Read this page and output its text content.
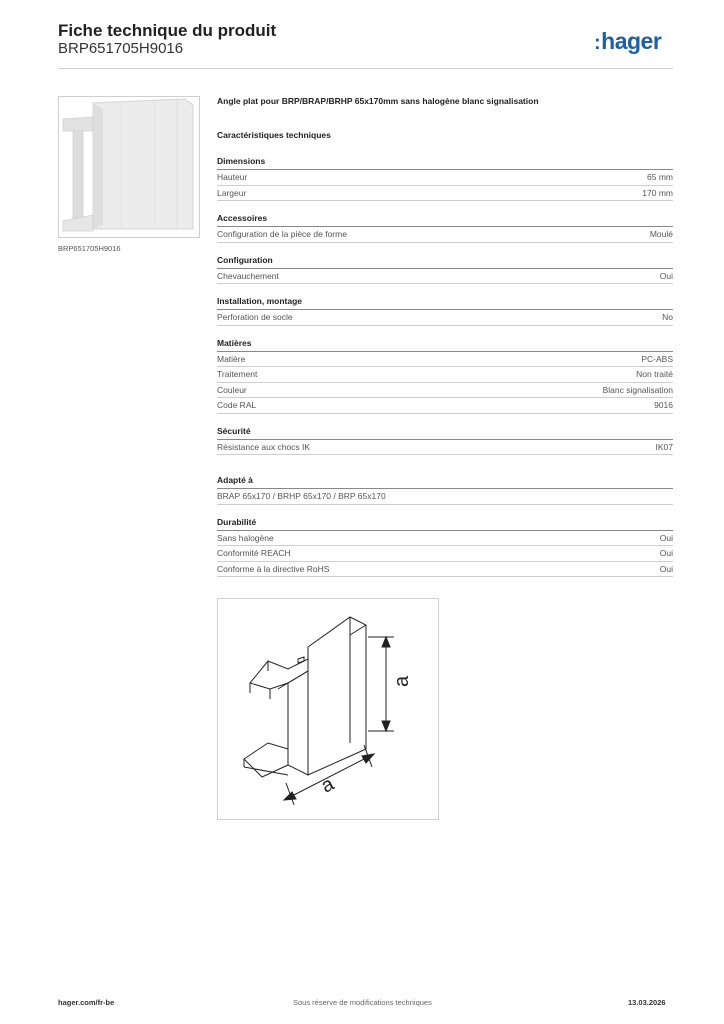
Fiche technique du produit
BRP651705H9016	:hager
BRP651705H9016
Angle plat pour BRP/BRAP/BRHP 65x170mm sans halogène blanc signalisation
Caractéristiques techniques
Dimensions
Hauteur	65 mm
Largeur	170 mm
Accessoires
Configuration de la pièce de forme	Moulé
Configuration
Chevauchement	Oui
Installation, montage
Perforation de socle	No
Matières
Matière	PC-ABS
Traitement	Non traité
Couleur	Blanc signalisation
Code RAL	9016
Sécurité
Résistance aux chocs IK	IK07
Adapté à
BRAP 65x170 / BRHP 65x170 / BRP 65x170
Durabilité
Sans halogène	Oui
Conformité REACH	Oui
Conforme à la directive RoHS	Oui
a
a
hager.com/fr-be	Sous réserve de modifications techniques	13.03.2026
